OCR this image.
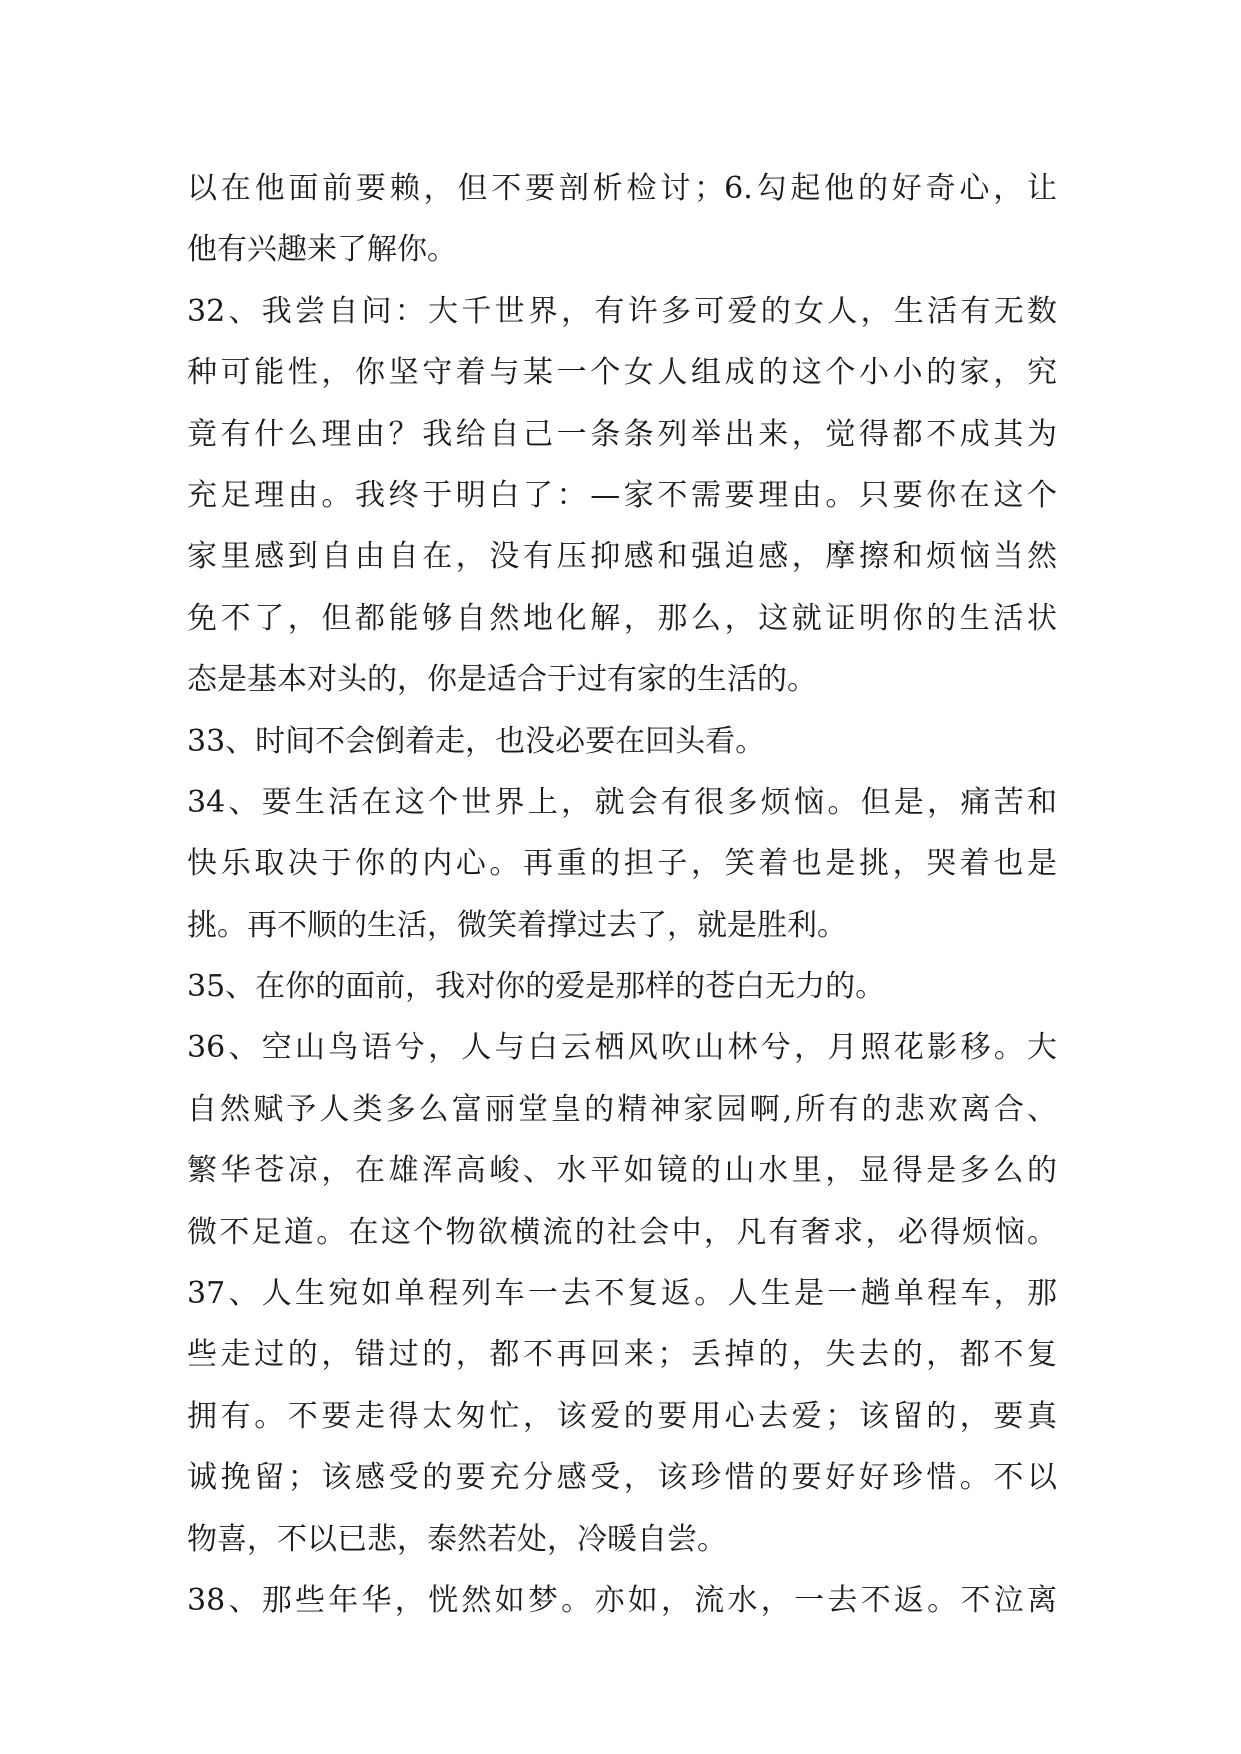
以在他面前要赖，但不要剖析检讨；6.勾起他的好奇心，让
他有兴趣来了解你。
32、我尝自问：大千世界，有许多可爱的女人，生活有无数
种可能性，你坚守着与某一个女人组成的这个小小的家，究
竟有什么理由？我给自己一条条列举出来，觉得都不成其为
充足理由。我终于明白了：—家不需要理由。只要你在这个
家里感到自由自在，没有压抑感和强迫感，摩擦和烦恼当然
免不了，但都能够自然地化解，那么，这就证明你的生活状
态是基本对头的，你是适合于过有家的生活的。
33、时间不会倒着走，也没必要在回头看。
34、要生活在这个世界上，就会有很多烦恼。但是，痛苦和
快乐取决于你的内心。再重的担子，笑着也是挑，哭着也是
挑。再不顺的生活，微笑着撑过去了，就是胜利。
35、在你的面前，我对你的爱是那样的苍白无力的。
36、空山鸟语兮，人与白云栖风吹山林兮，月照花影移。大
自然赋予人类多么富丽堂皇的精神家园啊,所有的悲欢离合、
繁华苍凉，在雄浑高峻、水平如镜的山水里，显得是多么的
微不足道。在这个物欲横流的社会中，凡有奢求，必得烦恼。
37、人生宛如单程列车一去不复返。人生是一趟单程车，那
些走过的，错过的，都不再回来；丢掉的，失去的，都不复
拥有。不要走得太匆忙，该爱的要用心去爱；该留的，要真
诚挽留；该感受的要充分感受，该珍惜的要好好珍惜。不以
物喜，不以已悲，泰然若处，冷暖自尝。
38、那些年华，恍然如梦。亦如，流水，一去不返。不泣离
